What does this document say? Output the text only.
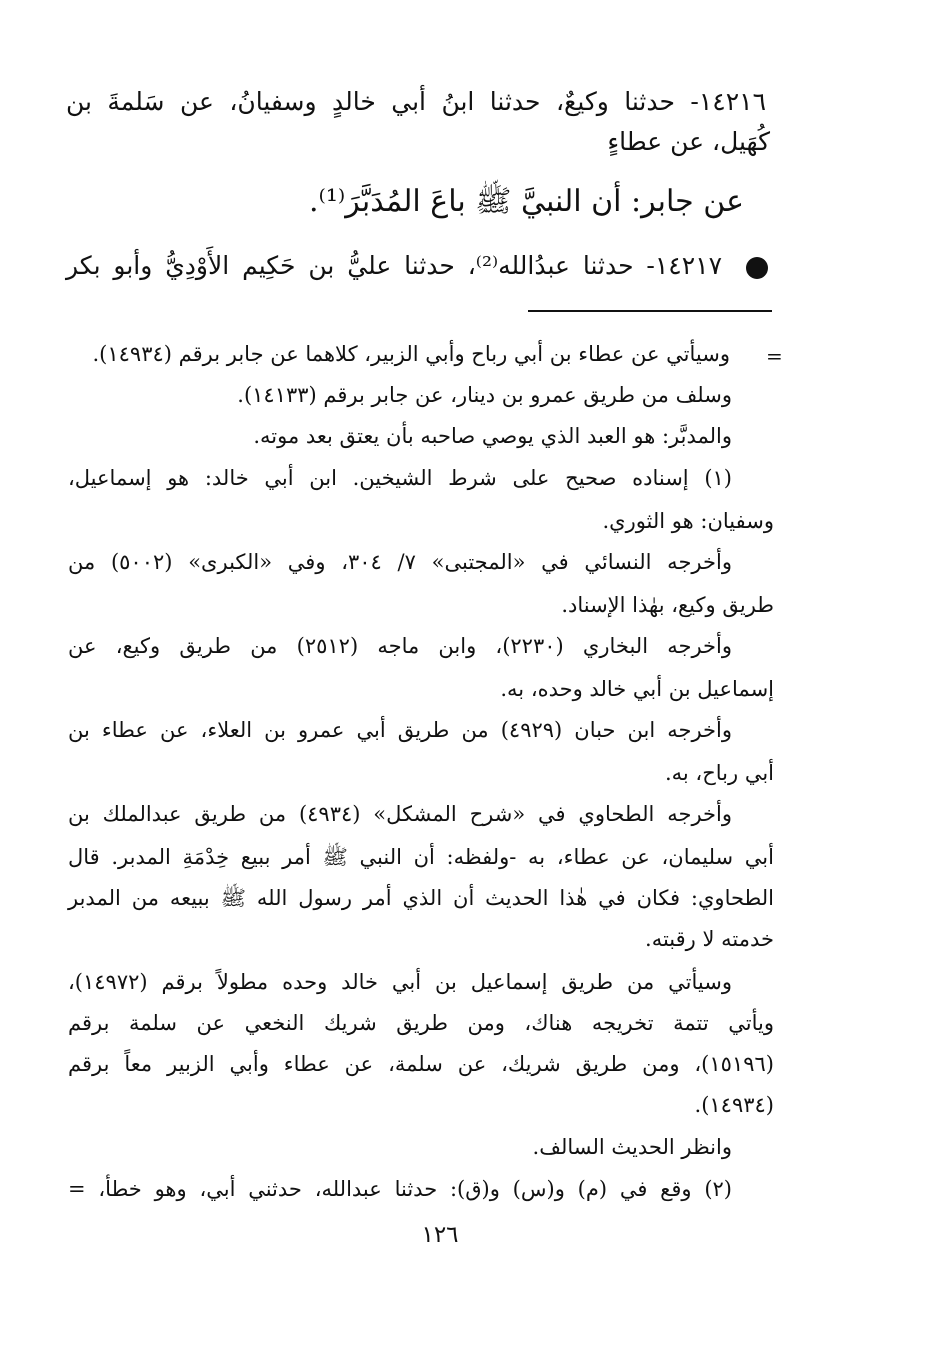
١٤٢١٦- حدثنا وكيعٌ، حدثنا ابنُ أبي خالدٍ وسفيانُ، عن سَلمةَ بن
كُهَيل، عن عطاءٍ
عن جابر: أن النبيَّ ﷺ باعَ المُدَبَّرَ⁽¹⁾.
١٤٢١٧- حدثنا عبدُالله⁽²⁾، حدثنا عليُّ بن حَكِيم الأَوْدِيُّ وأبو بكر
=
وسيأتي عن عطاء بن أبي رباح وأبي الزبير، كلاهما عن جابر برقم (١٤٩٣٤).
وسلف من طريق عمرو بن دينار، عن جابر برقم (١٤١٣٣).
والمدبَّر: هو العبد الذي يوصي صاحبه بأن يعتق بعد موته.
(١) إسناده صحيح على شرط الشيخين. ابن أبي خالد: هو إسماعيل،
وسفيان: هو الثوري.
وأخرجه النسائي في «المجتبى» ٧/ ٣٠٤، وفي «الكبرى» (٥٠٠٢) من
طريق وكيع، بهٰذا الإسناد.
وأخرجه البخاري (٢٢٣٠)، وابن ماجه (٢٥١٢) من طريق وكيع، عن
إسماعيل بن أبي خالد وحده، به.
وأخرجه ابن حبان (٤٩٢٩) من طريق أبي عمرو بن العلاء، عن عطاء بن
أبي رباح، به.
وأخرجه الطحاوي في «شرح المشكل» (٤٩٣٤) من طريق عبدالملك بن
أبي سليمان، عن عطاء، به -ولفظه: أن النبي ﷺ أمر ببيع خِدْمَةِ المدبر. قال
الطحاوي: فكان في هٰذا الحديث أن الذي أمر رسول الله ﷺ ببيعه من المدبر
خدمته لا رقبته.
وسيأتي من طريق إسماعيل بن أبي خالد وحده مطولاً برقم (١٤٩٧٢)،
ويأتي تتمة تخريجه هناك، ومن طريق شريك النخعي عن سلمة برقم
(١٥١٩٦)، ومن طريق شريك، عن سلمة، عن عطاء وأبي الزبير معاً برقم
(١٤٩٣٤).
وانظر الحديث السالف.
(٢) وقع في (م) و(س) و(ق): حدثنا عبدالله، حدثني أبي، وهو خطأ، =
١٢٦
